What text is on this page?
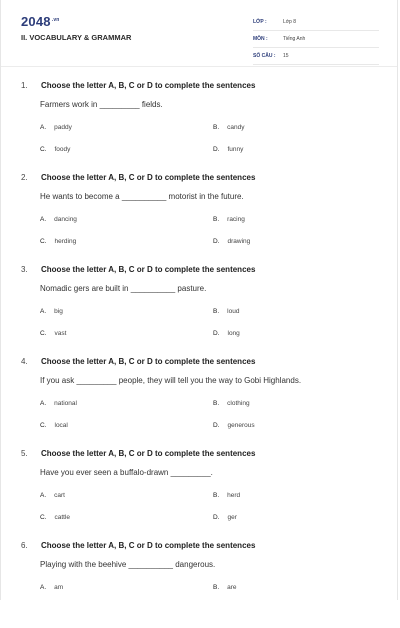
$2048^{.vn}$
II. VOCABULARY & GRAMMAR
LỚP :	Lớp 8
MÔN :	Tiếng Anh
SỐ CÂU :	15
1.	Choose the letter A, B, C or D to complete the sentences
Farmers work in _________ fields.
A. paddy	B. candy
C. foody	D. funny
2.	Choose the letter A, B, C or D to complete the sentences
He wants to become a __________ motorist in the future.
A. dancing	B. racing
C. herding	D. drawing
3.	Choose the letter A, B, C or D to complete the sentences
Nomadic gers are built in __________ pasture.
A. big	B. loud
C. vast	D. long
4.	Choose the letter A, B, C or D to complete the sentences
If you ask _________ people, they will tell you the way to Gobi Highlands.
A. national	B. clothing
C. local	D. generous
5.	Choose the letter A, B, C or D to complete the sentences
Have you ever seen a buffalo-drawn _________.
A. cart	B. herd
C. cattle	D. ger
6.	Choose the letter A, B, C or D to complete the sentences
Playing with the beehive __________ dangerous.
A. am	B. are
